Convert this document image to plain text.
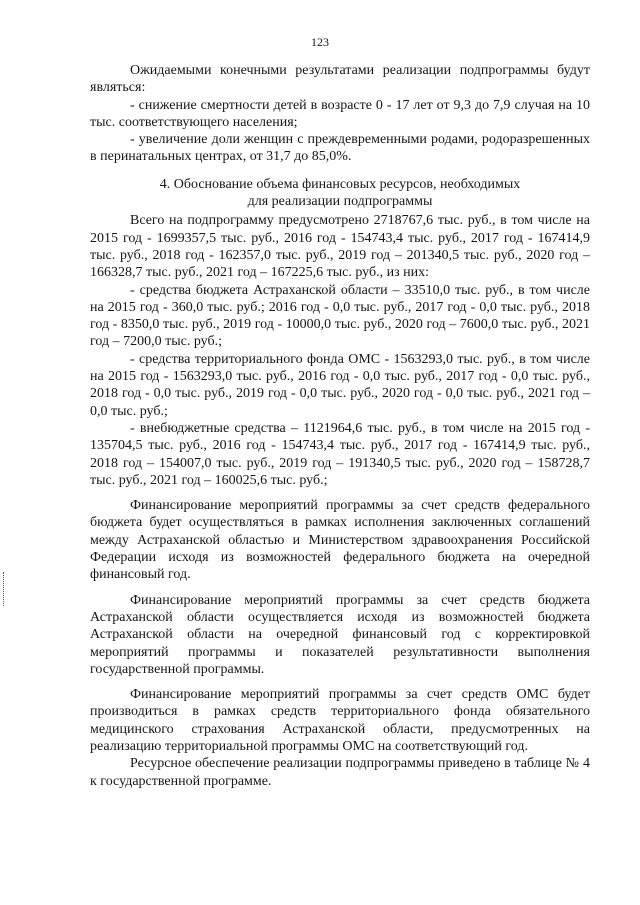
123

Ожидаемыми конечными результатами реализации подпрограммы будут являться:

- снижение смертности детей в возрасте 0 - 17 лет от 9,3 до 7,9 случая на 10 тыс. соответствующего населения;

- увеличение доли женщин с преждевременными родами, родоразрешенных в перинатальных центрах, от 31,7 до 85,0%.

4. Обоснование объема финансовых ресурсов, необходимых
для реализации подпрограммы

Всего на подпрограмму предусмотрено 2718767,6 тыс. руб., в том числе на 2015 год - 1699357,5 тыс. руб., 2016 год - 154743,4 тыс. руб., 2017 год - 167414,9 тыс. руб., 2018 год - 162357,0 тыс. руб., 2019 год – 201340,5 тыс. руб., 2020 год – 166328,7 тыс. руб., 2021 год – 167225,6 тыс. руб., из них:

- средства бюджета Астраханской области – 33510,0 тыс. руб., в том числе на 2015 год - 360,0 тыс. руб.; 2016 год - 0,0 тыс. руб., 2017 год - 0,0 тыс. руб., 2018 год - 8350,0 тыс. руб., 2019 год - 10000,0 тыс. руб., 2020 год – 7600,0 тыс. руб., 2021 год – 7200,0 тыс. руб.;

- средства территориального фонда ОМС - 1563293,0 тыс. руб., в том числе на 2015 год - 1563293,0 тыс. руб., 2016 год - 0,0 тыс. руб., 2017 год - 0,0 тыс. руб., 2018 год - 0,0 тыс. руб., 2019 год - 0,0 тыс. руб., 2020 год - 0,0 тыс. руб., 2021 год – 0,0 тыс. руб.;

- внебюджетные средства – 1121964,6 тыс. руб., в том числе на 2015 год - 135704,5 тыс. руб., 2016 год - 154743,4 тыс. руб., 2017 год - 167414,9 тыс. руб., 2018 год – 154007,0 тыс. руб., 2019 год – 191340,5 тыс. руб., 2020 год – 158728,7 тыс. руб., 2021 год – 160025,6 тыс. руб.;

Финансирование мероприятий программы за счет средств федерального бюджета будет осуществляться в рамках исполнения заключенных соглашений между Астраханской областью и Министерством здравоохранения Российской Федерации исходя из возможностей федерального бюджета на очередной финансовый год.

Финансирование мероприятий программы за счет средств бюджета Астраханской области осуществляется исходя из возможностей бюджета Астраханской области на очередной финансовый год с корректировкой мероприятий программы и показателей результативности выполнения государственной программы.

Финансирование мероприятий программы за счет средств ОМС будет производиться в рамках средств территориального фонда обязательного медицинского страхования Астраханской области, предусмотренных на реализацию территориальной программы ОМС на соответствующий год.

Ресурсное обеспечение реализации подпрограммы приведено в таблице № 4 к государственной программе.
